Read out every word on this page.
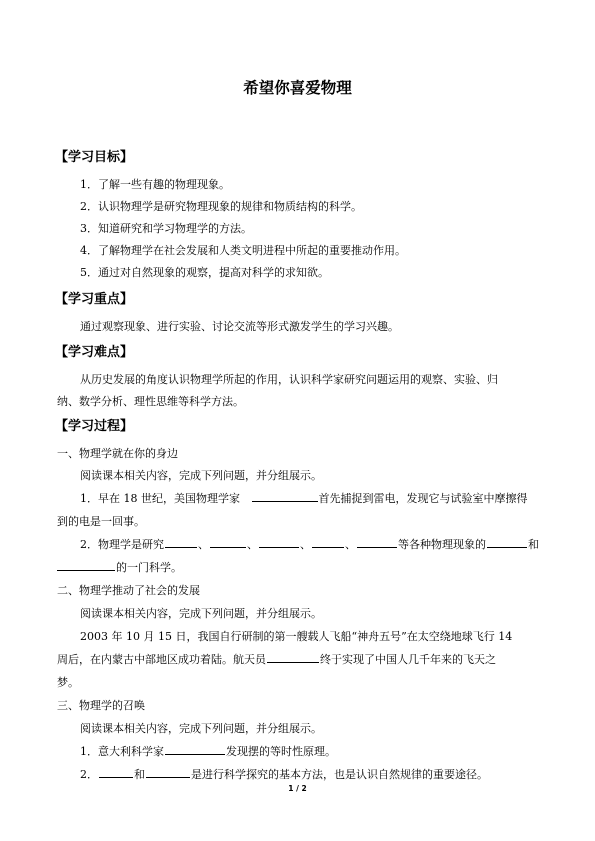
希望你喜爱物理
【学习目标】
1．了解一些有趣的物理现象。
2．认识物理学是研究物理现象的规律和物质结构的科学。
3．知道研究和学习物理学的方法。
4．了解物理学在社会发展和人类文明进程中所起的重要推动作用。
5．通过对自然现象的观察，提高对科学的求知欲。
【学习重点】
通过观察现象、进行实验、讨论交流等形式激发学生的学习兴趣。
【学习难点】
从历史发展的角度认识物理学所起的作用，认识科学家研究问题运用的观察、实验、归
纳、数学分析、理性思维等科学方法。
【学习过程】
一、物理学就在你的身边
阅读课本相关内容，完成下列问题，并分组展示。
1．早在 18 世纪，美国物理学家	首先捕捉到雷电，发现它与试验室中摩擦得
到的电是一回事。
2．物理学是研究	、	、	、	、	等各种物理现象的	和
的一门科学。
二、物理学推动了社会的发展
阅读课本相关内容，完成下列问题，并分组展示。
2003 年 10 月 15 日，我国自行研制的第一艘载人飞船“神舟五号”在太空绕地球飞行 14
周后，在内蒙古中部地区成功着陆。航天员	终于实现了中国人几千年来的飞天之
梦。
三、物理学的召唤
阅读课本相关内容，完成下列问题，并分组展示。
1．意大利科学家	发现摆的等时性原理。
2．	和	是进行科学探究的基本方法，也是认识自然规律的重要途径。
1 / 2
